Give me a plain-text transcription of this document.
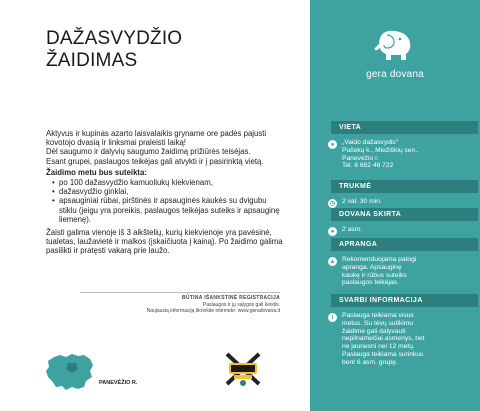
DAŽASVYDŽIO
ŽAIDIMAS

Aktyvus ir kupinas azarto laisvalaikis gryname ore padės pajusti kovotojo dvasią ir linksmai praleisti laiką!

Dėl saugumo ir dalyvių saugumo žaidimą prižiūrės teisėjas.

Esant grupei, paslaugos teikėjas gali atvykti ir į pasirinktą vietą.

Žaidimo metu bus suteikta:

• po 100 dažasvydžio kamuoliukų kiekvienam,
• dažasvydžio ginklai,
• apsauginiai rūbai, pirštinės ir apsauginės kaukės su dvigubu stiklu (jeigu yra poreikis, paslaugos teikėjas suteiks ir apsauginę liemenę).

Žaisti galima vienoje iš 3 aikštelių, kurių kiekvienoje yra pavėsinė, tualetas, laužavietė ir malkos (įskaičiuota į kainą). Po žaidimo galima pasilikti ir pratęsti vakarą prie laužo.

BŪTINA IŠANKSTINĖ REGISTRACIJA
Paslaugos ir jų sąlygos gali keistis.
Naujausią informaciją tikrinkite internete: www.geradovana.lt
PANEVĖŽIO R.
gera dovana
VIETA
● „Vaido dažasvydis"
Pučekų k., Miežiškių sen.,
Panevėžio r.
Tel. 8 682 46 722
TRUKMĖ
◷ 2 val. 30 min.
DOVANA SKIRTA
● 2 asm.
APRANGA
▲ Rekomenduojama patogi
apranga. Apsauginę
kaukę ir rūbus suteiks
paslaugos teikėjas.
SVARBI INFORMACIJA
i Paslauga teikiama visus
metus. Su tėvų sutikimu
žaidime gali dalyvauti
nepilnamečiai asmenys, bet
ne jaunesni nei 12 metų.
Paslauga teikiama surinkus
bent 6 asm. grupę.
